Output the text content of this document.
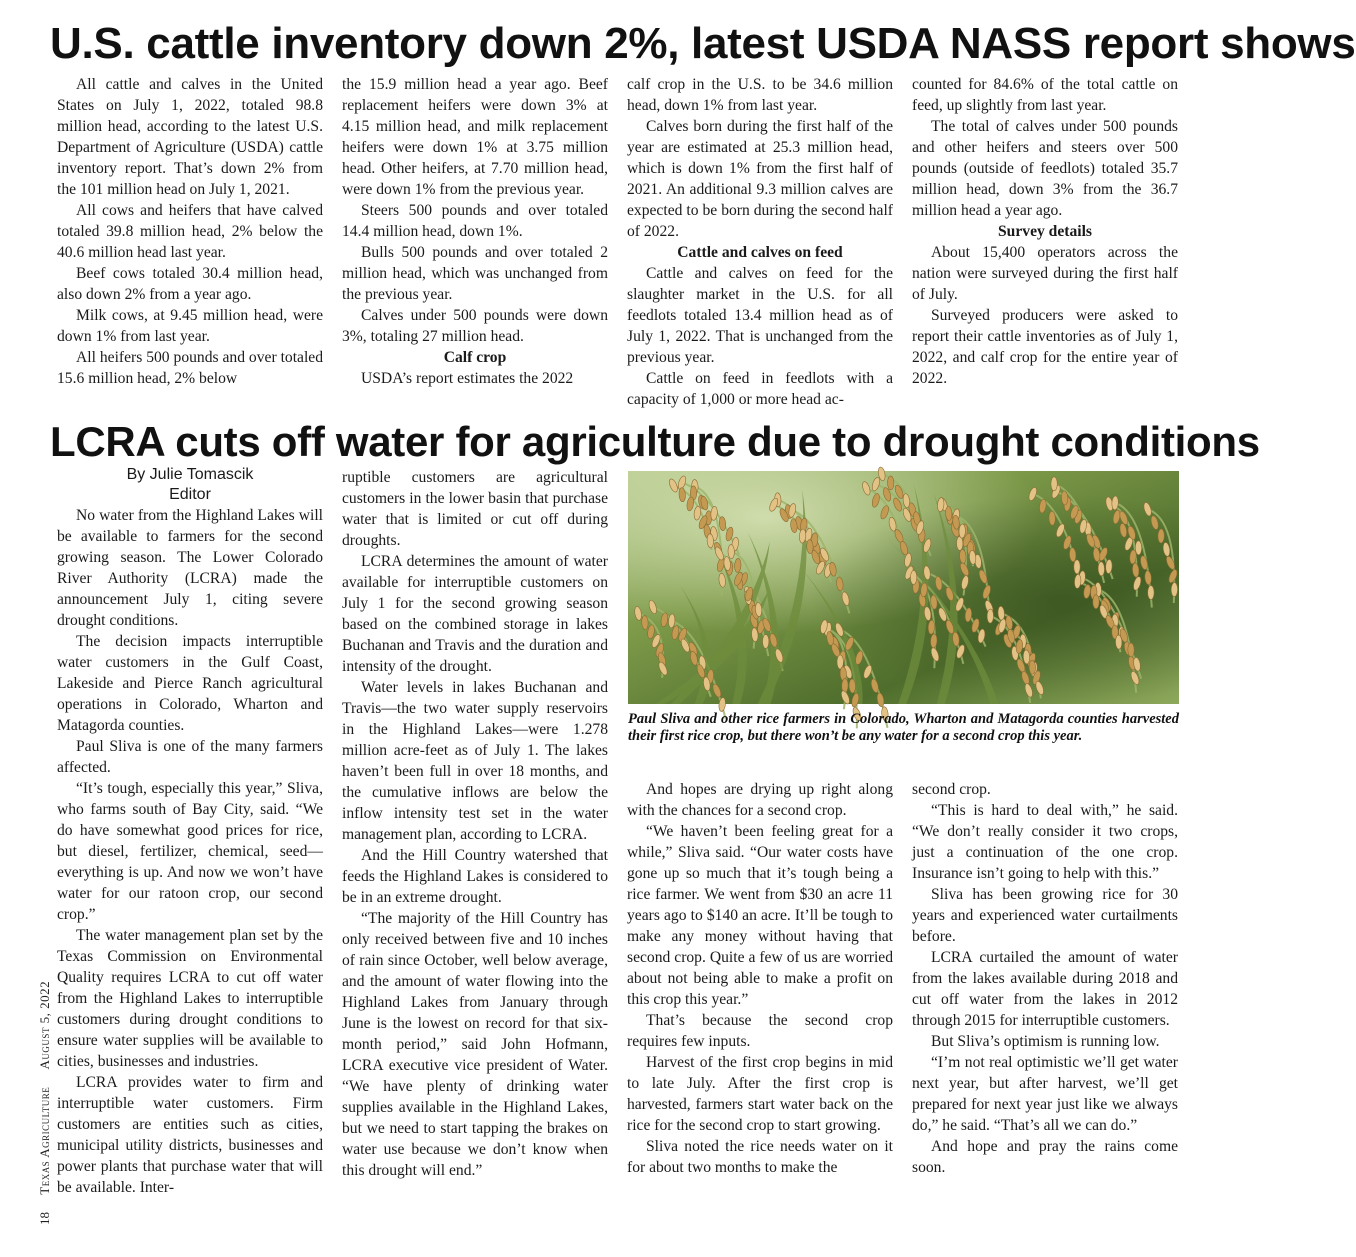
U.S. cattle inventory down 2%, latest USDA NASS report shows

All cattle and calves in the United States on July 1, 2022, totaled 98.8 million head, according to the latest U.S. Department of Agriculture (USDA) cattle inventory report. That’s down 2% from the 101 million head on July 1, 2021.

All cows and heifers that have calved totaled 39.8 million head, 2% below the 40.6 million head last year.

Beef cows totaled 30.4 million head, also down 2% from a year ago.

Milk cows, at 9.45 million head, were down 1% from last year.

All heifers 500 pounds and over totaled 15.6 million head, 2% below

the 15.9 million head a year ago. Beef replacement heifers were down 3% at 4.15 million head, and milk replacement heifers were down 1% at 3.75 million head. Other heifers, at 7.70 million head, were down 1% from the previous year.

Steers 500 pounds and over totaled 14.4 million head, down 1%.

Bulls 500 pounds and over totaled 2 million head, which was unchanged from the previous year.

Calves under 500 pounds were down 3%, totaling 27 million head.

Calf crop

USDA’s report estimates the 2022

calf crop in the U.S. to be 34.6 million head, down 1% from last year.

Calves born during the first half of the year are estimated at 25.3 million head, which is down 1% from the first half of 2021. An additional 9.3 million calves are expected to be born during the second half of 2022.

Cattle and calves on feed

Cattle and calves on feed for the slaughter market in the U.S. for all feedlots totaled 13.4 million head as of July 1, 2022. That is unchanged from the previous year.

Cattle on feed in feedlots with a capacity of 1,000 or more head ac-

counted for 84.6% of the total cattle on feed, up slightly from last year.

The total of calves under 500 pounds and other heifers and steers over 500 pounds (outside of feedlots) totaled 35.7 million head, down 3% from the 36.7 million head a year ago.

Survey details

About 15,400 operators across the nation were surveyed during the first half of July.

Surveyed producers were asked to report their cattle inventories as of July 1, 2022, and calf crop for the entire year of 2022.

LCRA cuts off water for agriculture due to drought conditions
By Julie Tomascik
Editor

No water from the Highland Lakes will be available to farmers for the second growing season. The Lower Colorado River Authority (LCRA) made the announcement July 1, citing severe drought conditions.

The decision impacts interruptible water customers in the Gulf Coast, Lakeside and Pierce Ranch agricultural operations in Colorado, Wharton and Matagorda counties.

Paul Sliva is one of the many farmers affected.

“It’s tough, especially this year,” Sliva, who farms south of Bay City, said. “We do have somewhat good prices for rice, but diesel, fertilizer, chemical, seed—everything is up. And now we won’t have water for our ratoon crop, our second crop.”

The water management plan set by the Texas Commission on Environmental Quality requires LCRA to cut off water from the Highland Lakes to interruptible customers during drought conditions to ensure water supplies will be available to cities, businesses and industries.

LCRA provides water to firm and interruptible water customers. Firm customers are entities such as cities, municipal utility districts, businesses and power plants that purchase water that will be available. Inter-

ruptible customers are agricultural customers in the lower basin that purchase water that is limited or cut off during droughts.

LCRA determines the amount of water available for interruptible customers on July 1 for the second growing season based on the combined storage in lakes Buchanan and Travis and the duration and intensity of the drought.

Water levels in lakes Buchanan and Travis—the two water supply reservoirs in the Highland Lakes—were 1.278 million acre-feet as of July 1. The lakes haven’t been full in over 18 months, and the cumulative inflows are below the inflow intensity test set in the water management plan, according to LCRA.

And the Hill Country watershed that feeds the Highland Lakes is considered to be in an extreme drought.

“The majority of the Hill Country has only received between five and 10 inches of rain since October, well below average, and the amount of water flowing into the Highland Lakes from January through June is the lowest on record for that six-month period,” said John Hofmann, LCRA executive vice president of Water. “We have plenty of drinking water supplies available in the Highland Lakes, but we need to start tapping the brakes on water use because we don’t know when this drought will end.”

Paul Sliva and other rice farmers in Colorado, Wharton and Matagorda counties harvested their first rice crop, but there won’t be any water for a second crop this year.

And hopes are drying up right along with the chances for a second crop.

“We haven’t been feeling great for a while,” Sliva said. “Our water costs have gone up so much that it’s tough being a rice farmer. We went from $30 an acre 11 years ago to $140 an acre. It’ll be tough to make any money without having that second crop. Quite a few of us are worried about not being able to make a profit on this crop this year.”

That’s because the second crop requires few inputs.

Harvest of the first crop begins in mid to late July. After the first crop is harvested, farmers start water back on the rice for the second crop to start growing.

Sliva noted the rice needs water on it for about two months to make the

second crop.

“This is hard to deal with,” he said. “We don’t really consider it two crops, just a continuation of the one crop. Insurance isn’t going to help with this.”

Sliva has been growing rice for 30 years and experienced water curtailments before.

LCRA curtailed the amount of water from the lakes available during 2018 and cut off water from the lakes in 2012 through 2015 for interruptible customers.

But Sliva’s optimism is running low.

“I’m not real optimistic we’ll get water next year, but after harvest, we’ll get prepared for next year just like we always do,” he said. “That’s all we can do.”

And hope and pray the rains come soon.

18 Texas Agriculture August 5, 2022
